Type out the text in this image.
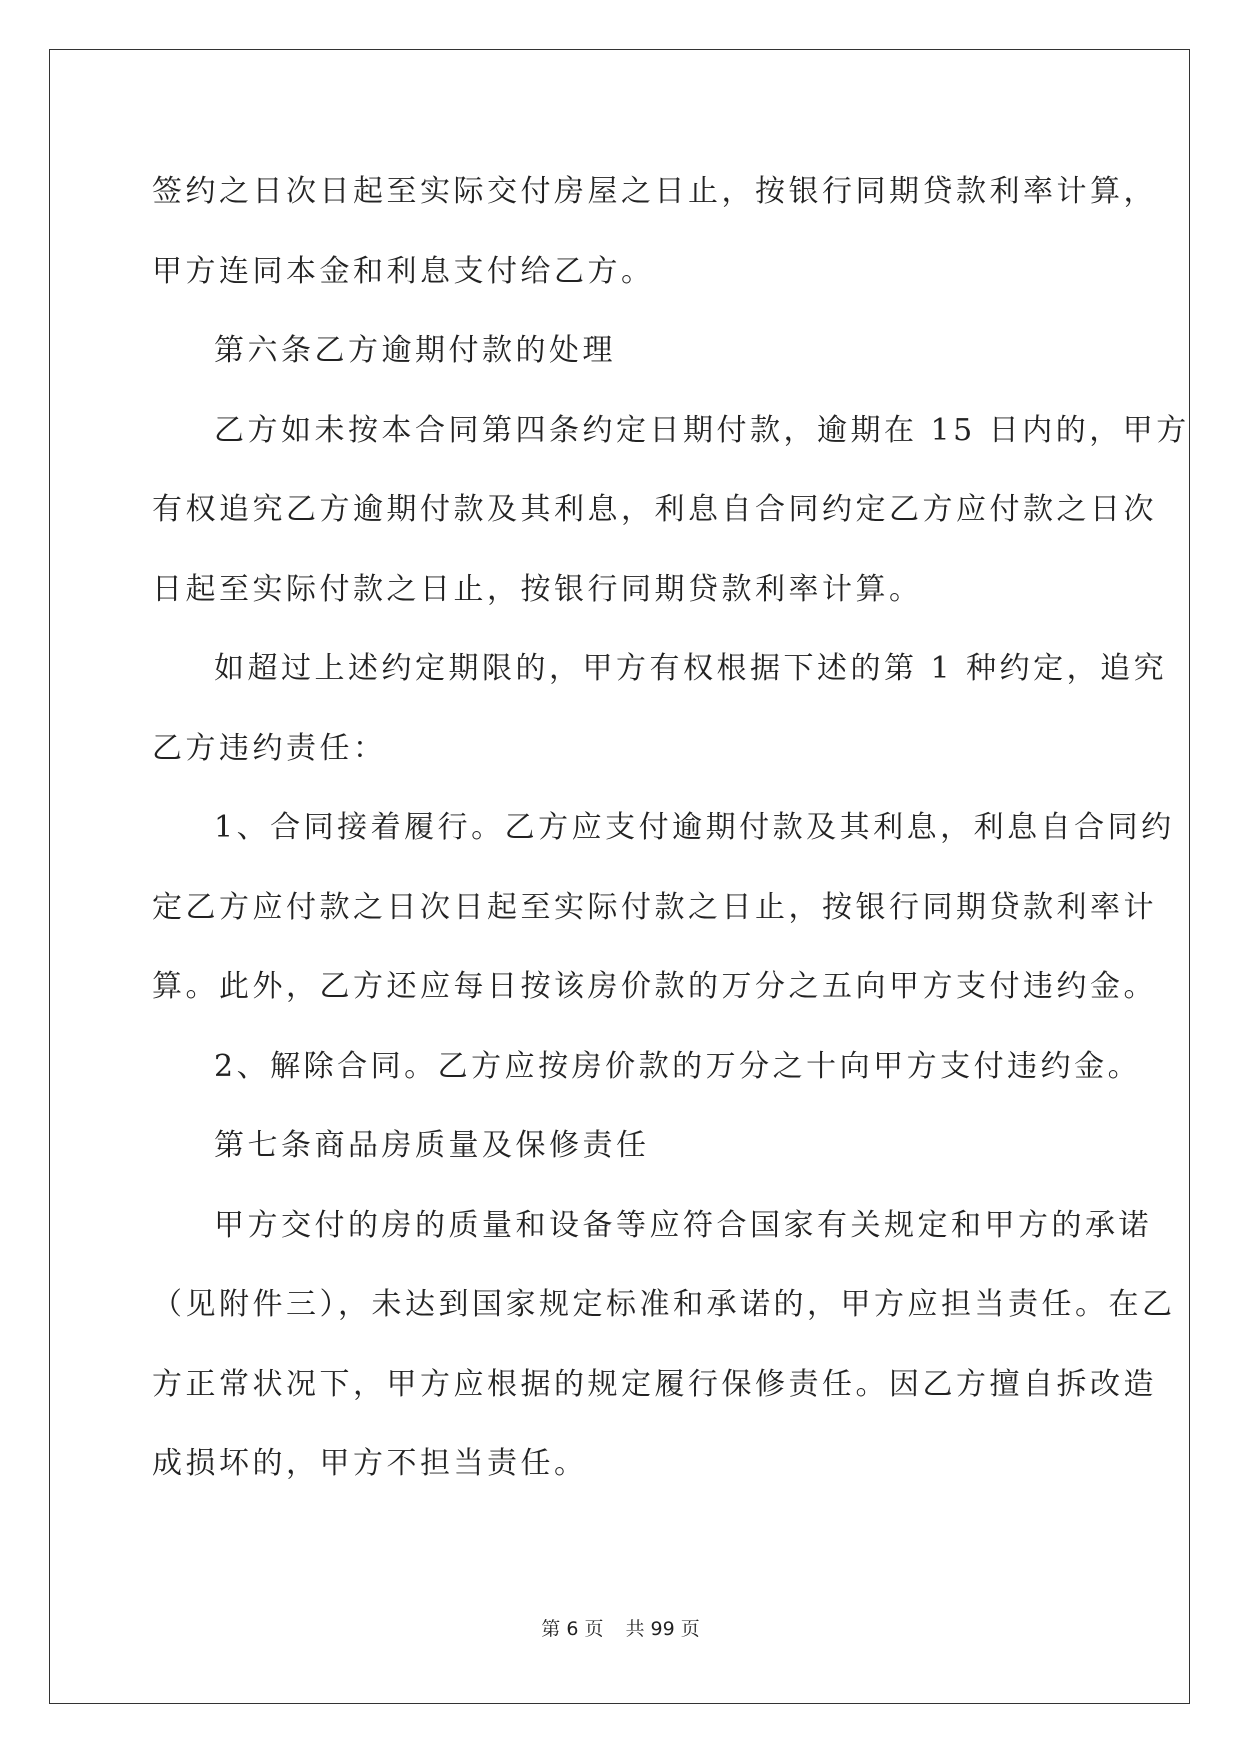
签约之日次日起至实际交付房屋之日止，按银行同期贷款利率计算，
甲方连同本金和利息支付给乙方。
第六条乙方逾期付款的处理
乙方如未按本合同第四条约定日期付款，逾期在 15 日内的，甲方
有权追究乙方逾期付款及其利息，利息自合同约定乙方应付款之日次
日起至实际付款之日止，按银行同期贷款利率计算。
如超过上述约定期限的，甲方有权根据下述的第 1 种约定，追究
乙方违约责任：
1、合同接着履行。乙方应支付逾期付款及其利息，利息自合同约
定乙方应付款之日次日起至实际付款之日止，按银行同期贷款利率计
算。此外，乙方还应每日按该房价款的万分之五向甲方支付违约金。
2、解除合同。乙方应按房价款的万分之十向甲方支付违约金。
第七条商品房质量及保修责任
甲方交付的房的质量和设备等应符合国家有关规定和甲方的承诺
（见附件三），未达到国家规定标准和承诺的，甲方应担当责任。在乙
方正常状况下，甲方应根据的规定履行保修责任。因乙方擅自拆改造
成损坏的，甲方不担当责任。
第 6 页 共 99 页
